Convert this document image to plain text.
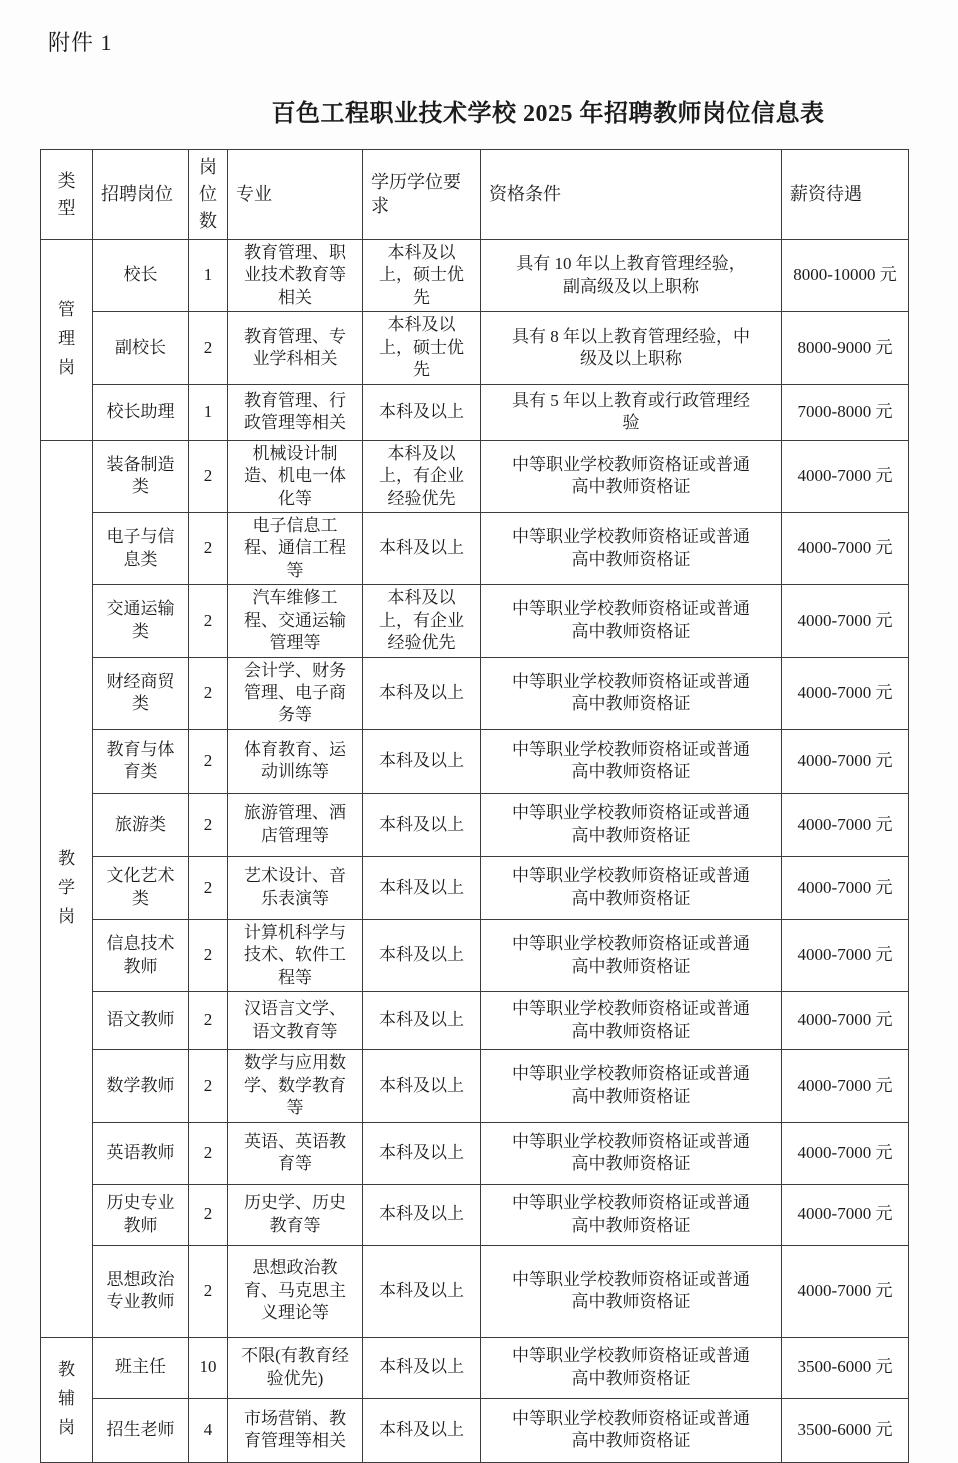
附件 1

百色工程职业技术学校 2025 年招聘教师岗位信息表
类型	招聘岗位	岗位数	专业	学历学位要求	资格条件	薪资待遇
管理岗	校长	1	教育管理、职业技术教育等相关	本科及以上，硕士优先	具有 10 年以上教育管理经验，副高级及以上职称	8000-10000 元
	副校长	2	教育管理、专业学科相关	本科及以上，硕士优先	具有 8 年以上教育管理经验，中级及以上职称	8000-9000 元
	校长助理	1	教育管理、行政管理等相关	本科及以上	具有 5 年以上教育或行政管理经验	7000-8000 元
教学岗	装备制造类	2	机械设计制造、机电一体化等	本科及以上，有企业经验优先	中等职业学校教师资格证或普通高中教师资格证	4000-7000 元
	电子与信息类	2	电子信息工程、通信工程等	本科及以上	中等职业学校教师资格证或普通高中教师资格证	4000-7000 元
	交通运输类	2	汽车维修工程、交通运输管理等	本科及以上，有企业经验优先	中等职业学校教师资格证或普通高中教师资格证	4000-7000 元
	财经商贸类	2	会计学、财务管理、电子商务等	本科及以上	中等职业学校教师资格证或普通高中教师资格证	4000-7000 元
	教育与体育类	2	体育教育、运动训练等	本科及以上	中等职业学校教师资格证或普通高中教师资格证	4000-7000 元
	旅游类	2	旅游管理、酒店管理等	本科及以上	中等职业学校教师资格证或普通高中教师资格证	4000-7000 元
	文化艺术类	2	艺术设计、音乐表演等	本科及以上	中等职业学校教师资格证或普通高中教师资格证	4000-7000 元
	信息技术教师	2	计算机科学与技术、软件工程等	本科及以上	中等职业学校教师资格证或普通高中教师资格证	4000-7000 元
	语文教师	2	汉语言文学、语文教育等	本科及以上	中等职业学校教师资格证或普通高中教师资格证	4000-7000 元
	数学教师	2	数学与应用数学、数学教育等	本科及以上	中等职业学校教师资格证或普通高中教师资格证	4000-7000 元
	英语教师	2	英语、英语教育等	本科及以上	中等职业学校教师资格证或普通高中教师资格证	4000-7000 元
	历史专业教师	2	历史学、历史教育等	本科及以上	中等职业学校教师资格证或普通高中教师资格证	4000-7000 元
	思想政治专业教师	2	思想政治教育、马克思主义理论等	本科及以上	中等职业学校教师资格证或普通高中教师资格证	4000-7000 元
教辅岗	班主任	10	不限(有教育经验优先)	本科及以上	中等职业学校教师资格证或普通高中教师资格证	3500-6000 元
	招生老师	4	市场营销、教育管理等相关	本科及以上	中等职业学校教师资格证或普通高中教师资格证	3500-6000 元
